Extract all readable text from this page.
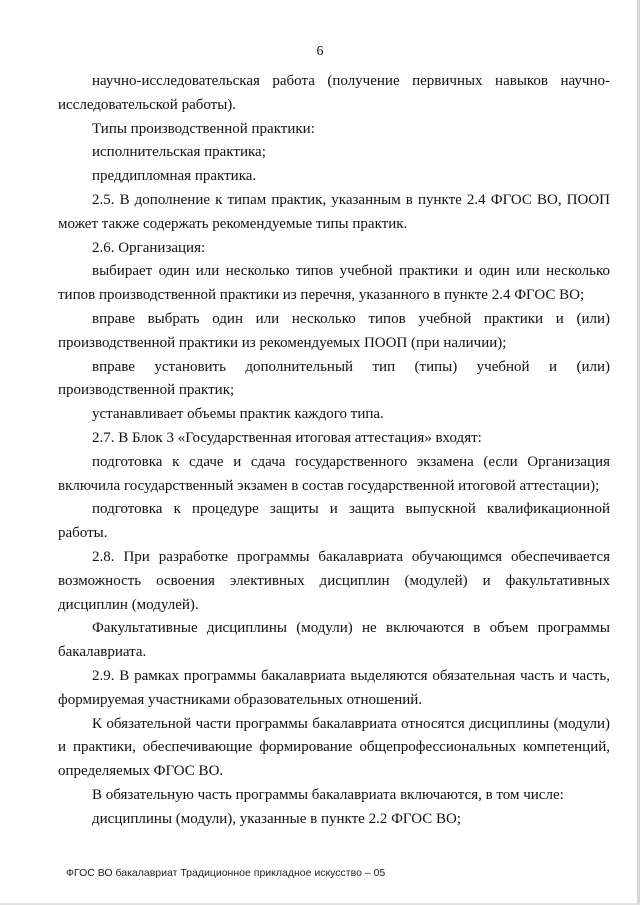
6

научно-исследовательская работа (получение первичных навыков научно-исследовательской работы).

Типы производственной практики:

исполнительская практика;

преддипломная практика.

2.5. В дополнение к типам практик, указанным в пункте 2.4 ФГОС ВО, ПООП может также содержать рекомендуемые типы практик.

2.6. Организация:

выбирает один или несколько типов учебной практики и один или несколько типов производственной практики из перечня, указанного в пункте 2.4 ФГОС ВО;

вправе выбрать один или несколько типов учебной практики и (или) производственной практики из рекомендуемых ПООП (при наличии);

вправе установить дополнительный тип (типы) учебной и (или) производственной практик;

устанавливает объемы практик каждого типа.

2.7. В Блок 3 «Государственная итоговая аттестация» входят:

подготовка к сдаче и сдача государственного экзамена (если Организация включила государственный экзамен в состав государственной итоговой аттестации);

подготовка к процедуре защиты и защита выпускной квалификационной работы.

2.8. При разработке программы бакалавриата обучающимся обеспечивается возможность освоения элективных дисциплин (модулей) и факультативных дисциплин (модулей).

Факультативные дисциплины (модули) не включаются в объем программы бакалавриата.

2.9. В рамках программы бакалавриата выделяются обязательная часть и часть, формируемая участниками образовательных отношений.

К обязательной части программы бакалавриата относятся дисциплины (модули) и практики, обеспечивающие формирование общепрофессиональных компетенций, определяемых ФГОС ВО.

В обязательную часть программы бакалавриата включаются, в том числе:

дисциплины (модули), указанные в пункте 2.2 ФГОС ВО;

ФГОС ВО бакалавриат Традиционное прикладное искусство – 05
